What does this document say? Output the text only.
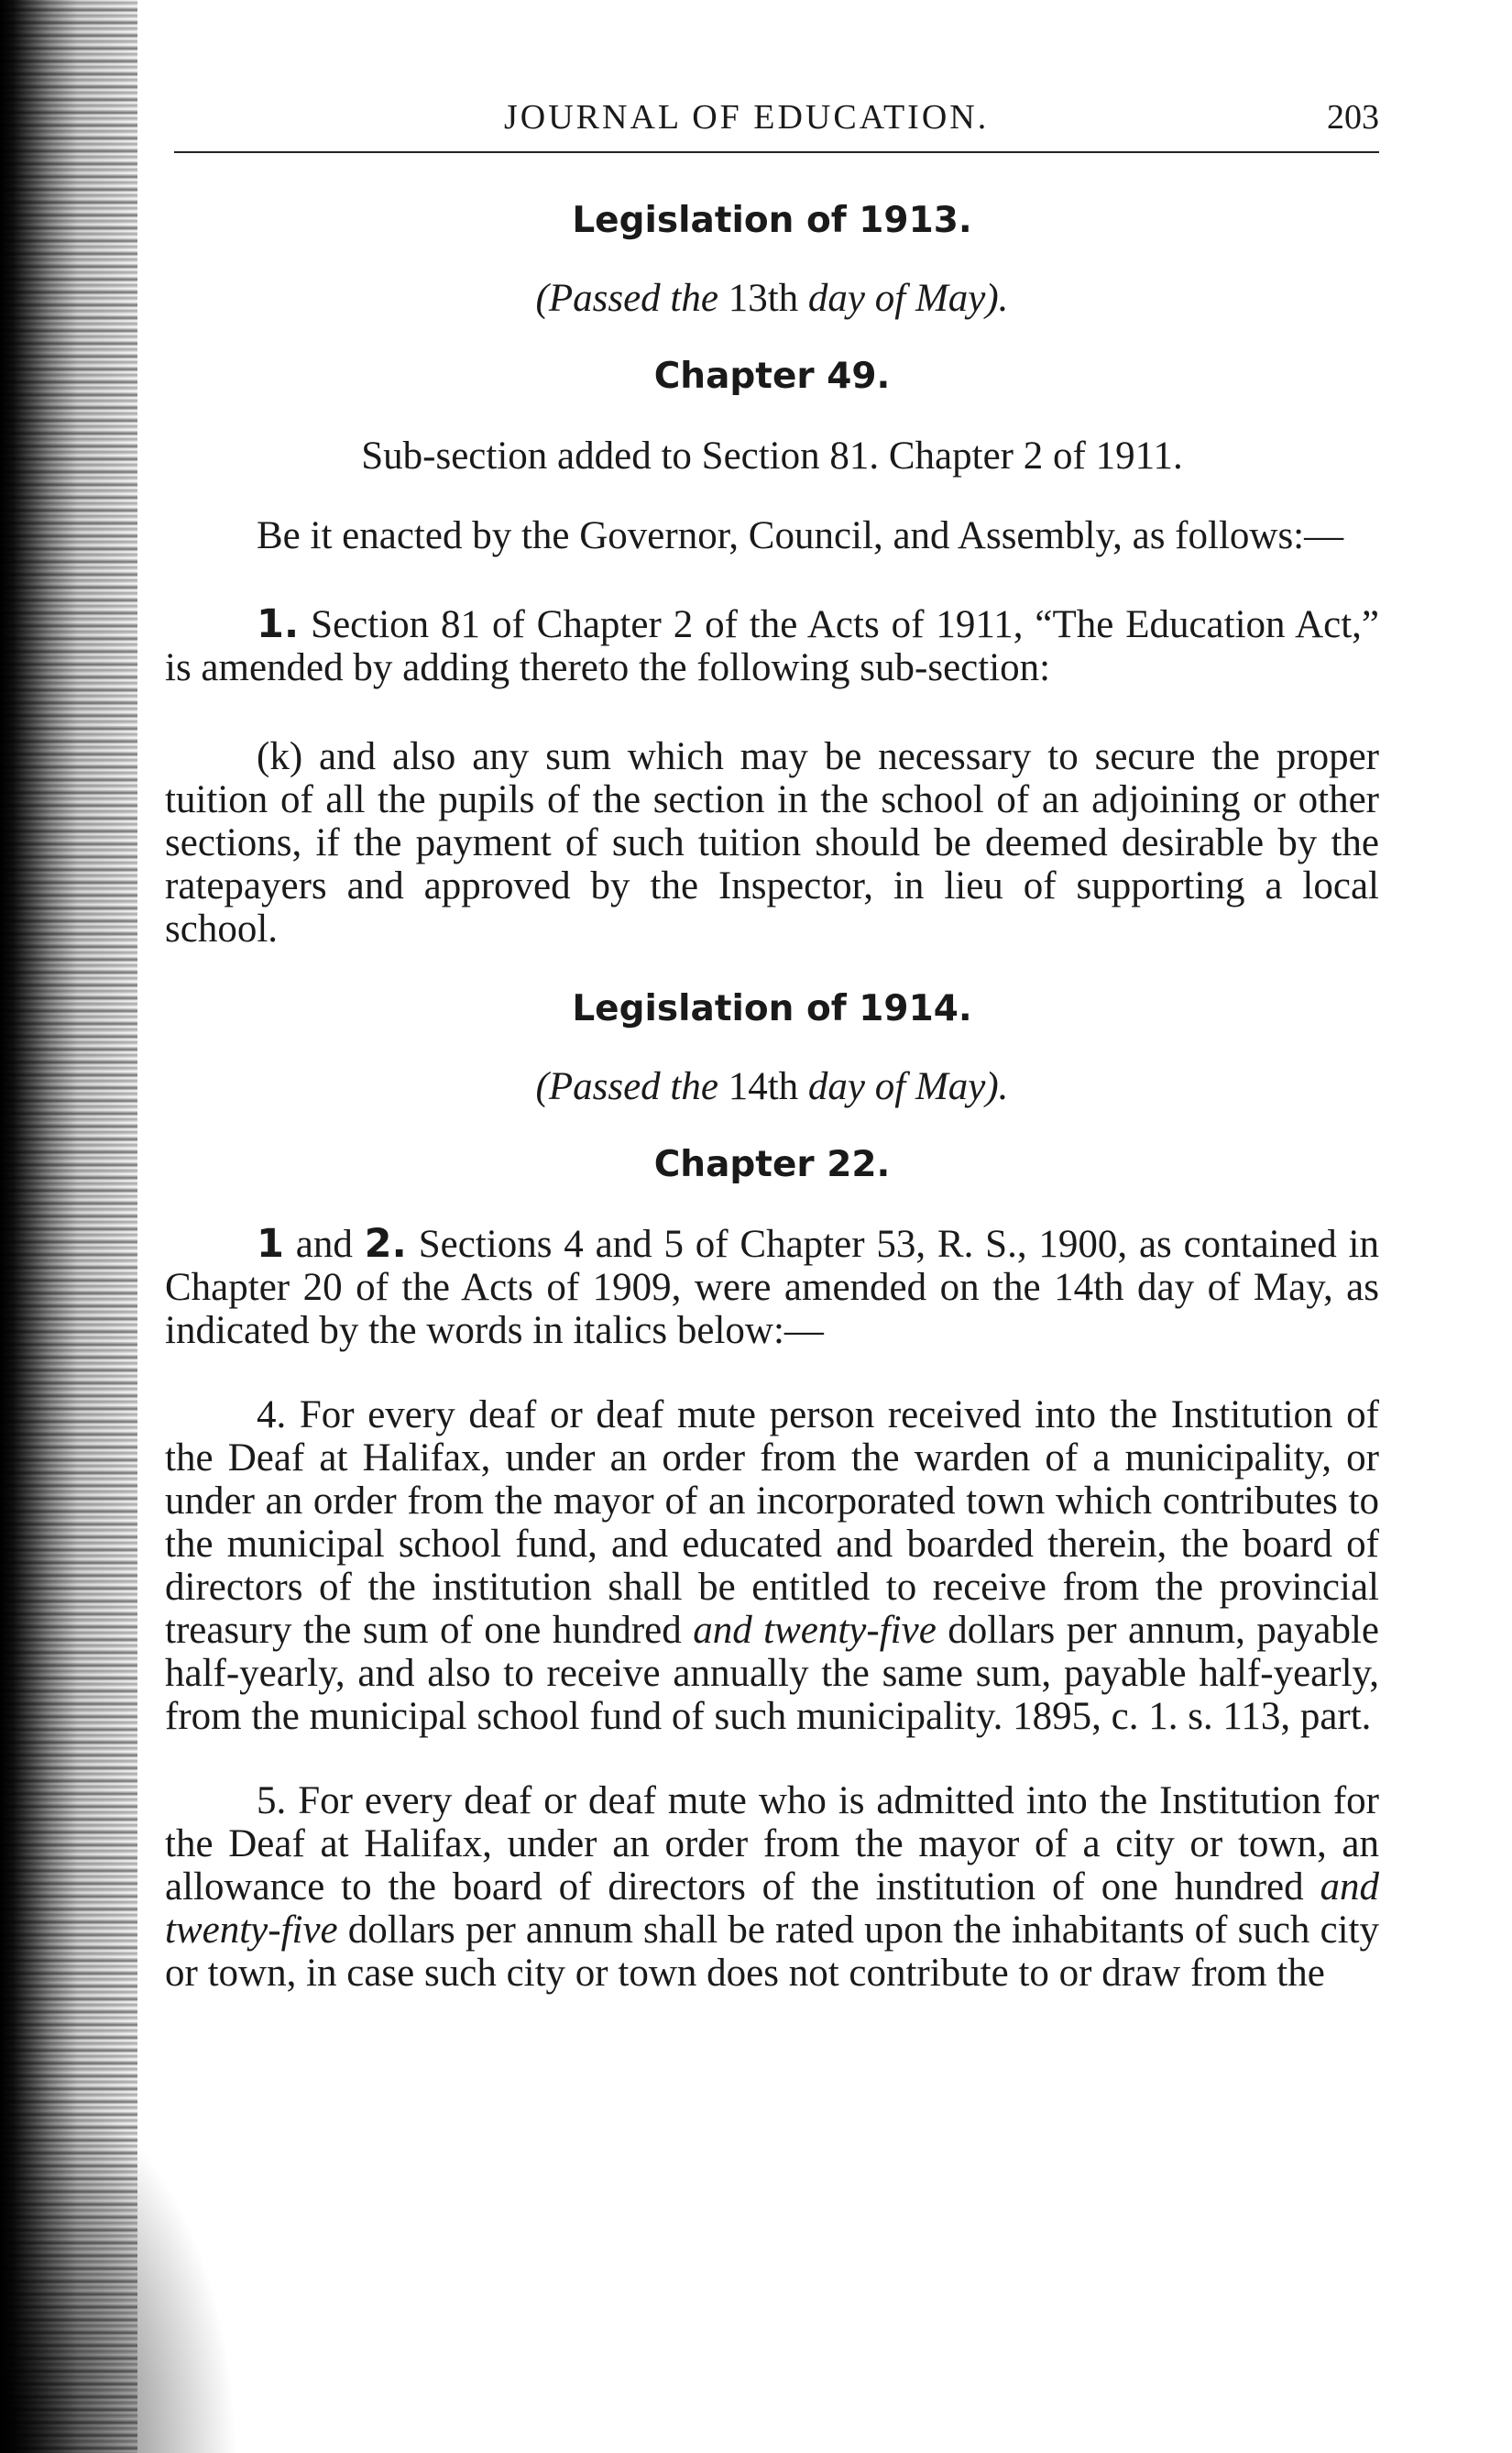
JOURNAL OF EDUCATION.	203
Legislation of 1913.

(Passed the 13th day of May).

Chapter 49.

Sub-section added to Section 81. Chapter 2 of 1911.

Be it enacted by the Governor, Council, and Assembly, as follows:—

1. Section 81 of Chapter 2 of the Acts of 1911, “The Education Act,” is amended by adding thereto the following sub-section:

(k) and also any sum which may be necessary to secure the proper tuition of all the pupils of the section in the school of an adjoining or other sections, if the payment of such tuition should be deemed desirable by the ratepayers and approved by the Inspector, in lieu of supporting a local school.

Legislation of 1914.

(Passed the 14th day of May).

Chapter 22.

1 and 2. Sections 4 and 5 of Chapter 53, R. S., 1900, as contained in Chapter 20 of the Acts of 1909, were amended on the 14th day of May, as indicated by the words in italics below:—

4. For every deaf or deaf mute person received into the Institution of the Deaf at Halifax, under an order from the warden of a municipality, or under an order from the mayor of an incorporated town which contributes to the municipal school fund, and educated and boarded therein, the board of directors of the institution shall be entitled to receive from the provincial treasury the sum of one hundred and twenty-five dollars per annum, payable half-yearly, and also to receive annually the same sum, payable half-yearly, from the municipal school fund of such municipality. 1895, c. 1. s. 113, part.

5. For every deaf or deaf mute who is admitted into the Institution for the Deaf at Halifax, under an order from the mayor of a city or town, an allowance to the board of directors of the institution of one hundred and twenty-five dollars per annum shall be rated upon the inhabitants of such city or town, in case such city or town does not contribute to or draw from the
